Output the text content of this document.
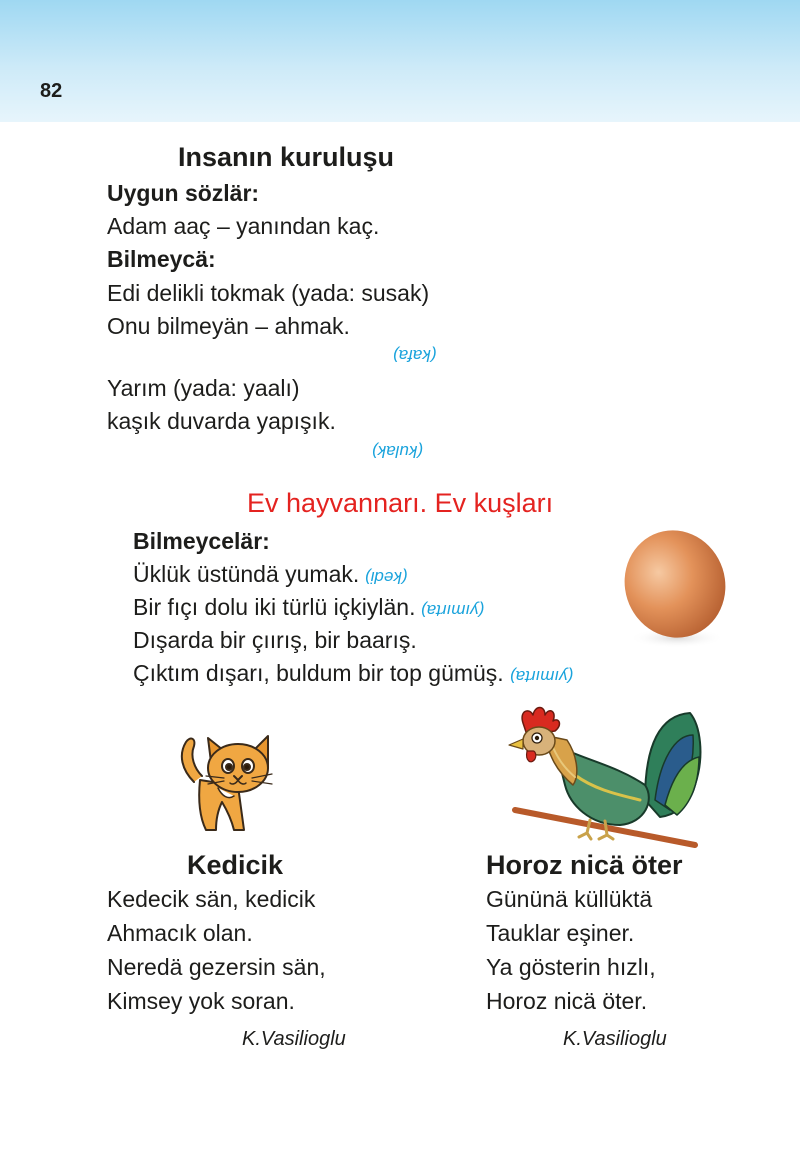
82
Insanın kuruluşu
Uygun sözlär:
Adam aaç – yanından kaç.
Bilmeycä:
Edi delikli tokmak (yada: susak)
Onu bilmeyän – ahmak.
(kafa)
Yarım (yada: yaalı)
kaşık duvarda yapışık.
(kulak)
Ev hayvannarı. Ev kuşları
Bilmeycelär:
Üklük üstündä yumak. (kedi)
Bir fıçı dolu iki türlü içkiylän. (yımırta)
Dışarda bir çıırış, bir baarış.
Çıktım dışarı, buldum bir top gümüş. (yımırta)
Kedicik
Kedecik sän, kedicik
Ahmacık olan.
Neredä gezersin sän,
Kimsey yok soran.
K.Vasilioglu
Horoz nicä öter
Gününä küllüktä
Tauklar eşiner.
Ya gösterin hızlı,
Horoz nicä öter.
K.Vasilioglu
